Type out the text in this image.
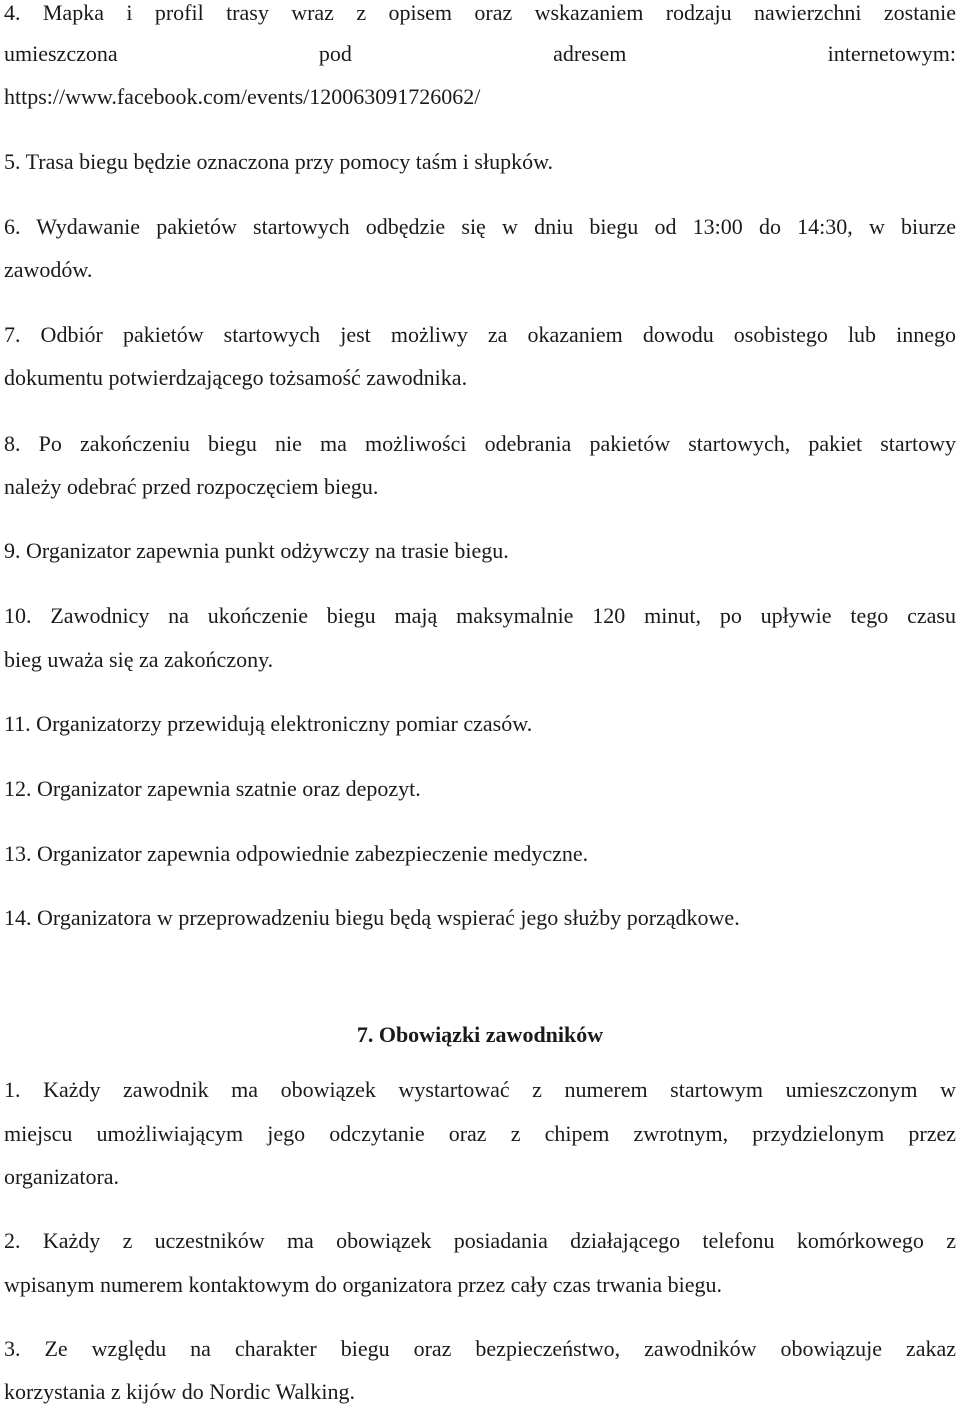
4. Mapka i profil trasy wraz z opisem oraz wskazaniem rodzaju nawierzchni zostanie
umieszczona pod adresem internetowym:
https://www.facebook.com/events/120063091726062/
5. Trasa biegu będzie oznaczona przy pomocy taśm i słupków.
6. Wydawanie pakietów startowych odbędzie się w dniu biegu od 13:00 do 14:30, w biurze
zawodów.
7. Odbiór pakietów startowych jest możliwy za okazaniem dowodu osobistego lub innego
dokumentu potwierdzającego tożsamość zawodnika.
8. Po zakończeniu biegu nie ma możliwości odebrania pakietów startowych, pakiet startowy
należy odebrać przed rozpoczęciem biegu.
9. Organizator zapewnia punkt odżywczy na trasie biegu.
10. Zawodnicy na ukończenie biegu mają maksymalnie 120 minut, po upływie tego czasu
bieg uważa się za zakończony.
11. Organizatorzy przewidują elektroniczny pomiar czasów.
12. Organizator zapewnia szatnie oraz depozyt.
13. Organizator zapewnia odpowiednie zabezpieczenie medyczne.
14. Organizatora w przeprowadzeniu biegu będą wspierać jego służby porządkowe.
7. Obowiązki zawodników
1. Każdy zawodnik ma obowiązek wystartować z numerem startowym umieszczonym w
miejscu umożliwiającym jego odczytanie oraz z chipem zwrotnym, przydzielonym przez
organizatora.
2. Każdy z uczestników ma obowiązek posiadania działającego telefonu komórkowego z
wpisanym numerem kontaktowym do organizatora przez cały czas trwania biegu.
3. Ze względu na charakter biegu oraz bezpieczeństwo, zawodników obowiązuje zakaz
korzystania z kijów do Nordic Walking.
